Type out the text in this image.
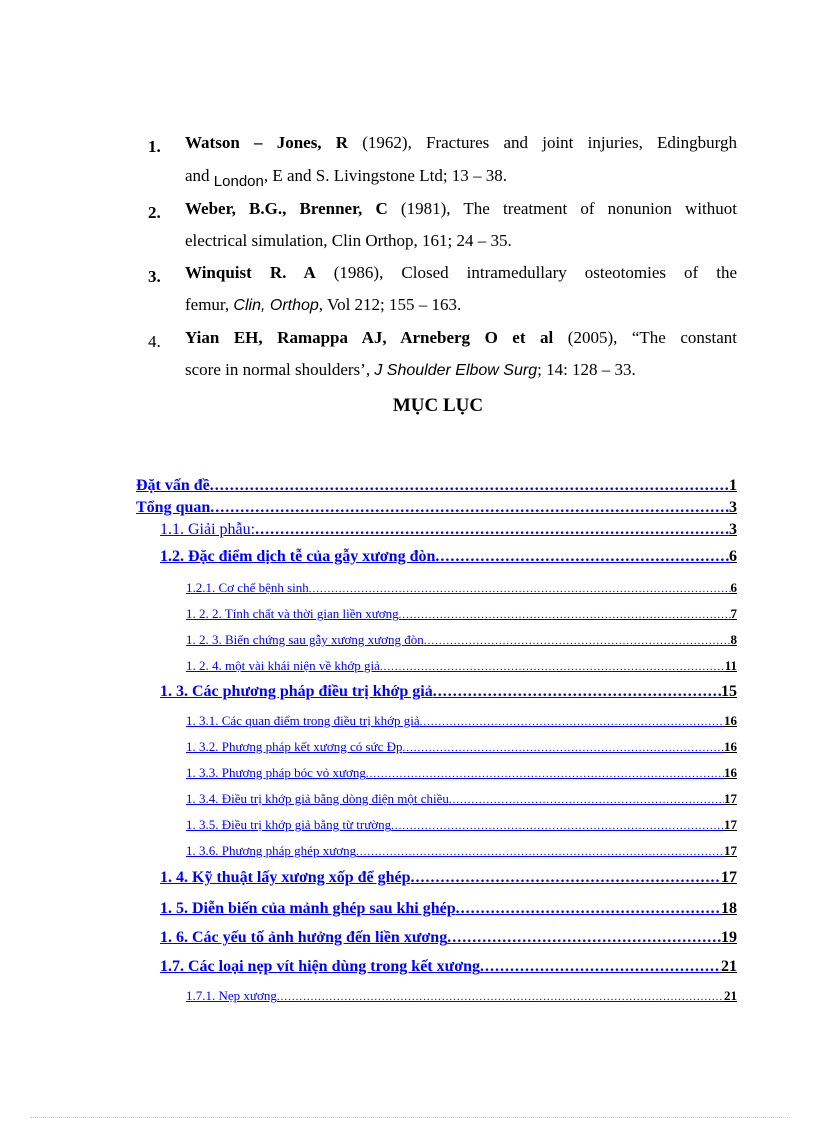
1. Watson – Jones, R (1962), Fractures and joint injuries, Edingburgh
and London, E and S. Livingstone Ltd; 13 – 38.
2. Weber, B.G., Brenner, C (1981), The treatment of nonunion withuot
electrical simulation, Clin Orthop, 161; 24 – 35.
3. Winquist R. A (1986), Closed intramedullary osteotomies of the
femur, Clin, Orthop, Vol 212; 155 – 163.
4. Yian EH, Ramappa AJ, Arneberg O et al (2005), “The constant
score in normal shoulders’, J Shoulder Elbow Surg; 14: 128 – 33.
MỤC LỤC
Đặt vấn đề .....	1
Tổng quan .....	3
1.1. Giải phẫu: .....	3
1.2. Đặc điểm dịch tễ của gẫy xương đòn .....	6
1.2.1. Cơ chế bệnh sinh .....	6
1. 2. 2. Tính chất và thời gian liền xương .....	7
1. 2. 3. Biến chứng sau gẫy xương xương đòn .....	8
1. 2. 4. một vài khái niện về khớp giả .....	11
1. 3. Các phương pháp điều trị khớp giả .....	15
1. 3.1. Các quan điểm trong điều trị khớp giả .....	16
1. 3.2. Phương pháp kết xương có sức Ðp .....	16
1. 3.3. Phương pháp bóc vỏ xương .....	16
1. 3.4. Điều trị khớp giả bằng dòng điện một chiều .....	17
1. 3.5. Điều trị khớp giả bằng từ trường .....	17
1. 3.6. Phương pháp ghép xương .....	17
1. 4. Kỹ thuật lấy xương xốp để ghép .....	17
1. 5. Diễn biến của mảnh ghép sau khi ghép .....	18
1. 6. Các yếu tố ảnh hưởng đến liền xương .....	19
1.7. Các loại nẹp vít hiện dùng trong kết xương .....	21
1.7.1. Nẹp xương .....	21
